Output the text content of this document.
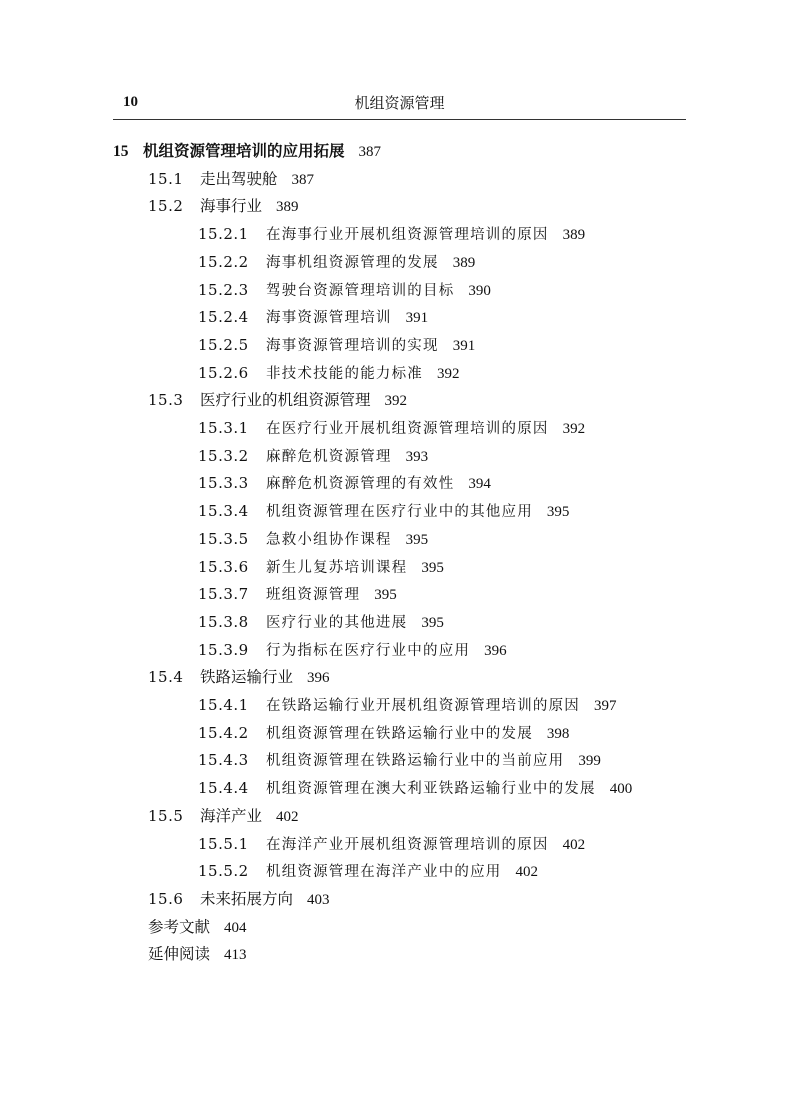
10	机组资源管理
15 机组资源管理培训的应用拓展 387
15.1 走出驾驶舱 387
15.2 海事行业 389
15.2.1 在海事行业开展机组资源管理培训的原因 389
15.2.2 海事机组资源管理的发展 389
15.2.3 驾驶台资源管理培训的目标 390
15.2.4 海事资源管理培训 391
15.2.5 海事资源管理培训的实现 391
15.2.6 非技术技能的能力标准 392
15.3 医疗行业的机组资源管理 392
15.3.1 在医疗行业开展机组资源管理培训的原因 392
15.3.2 麻醉危机资源管理 393
15.3.3 麻醉危机资源管理的有效性 394
15.3.4 机组资源管理在医疗行业中的其他应用 395
15.3.5 急救小组协作课程 395
15.3.6 新生儿复苏培训课程 395
15.3.7 班组资源管理 395
15.3.8 医疗行业的其他进展 395
15.3.9 行为指标在医疗行业中的应用 396
15.4 铁路运输行业 396
15.4.1 在铁路运输行业开展机组资源管理培训的原因 397
15.4.2 机组资源管理在铁路运输行业中的发展 398
15.4.3 机组资源管理在铁路运输行业中的当前应用 399
15.4.4 机组资源管理在澳大利亚铁路运输行业中的发展 400
15.5 海洋产业 402
15.5.1 在海洋产业开展机组资源管理培训的原因 402
15.5.2 机组资源管理在海洋产业中的应用 402
15.6 未来拓展方向 403
参考文献 404
延伸阅读 413
